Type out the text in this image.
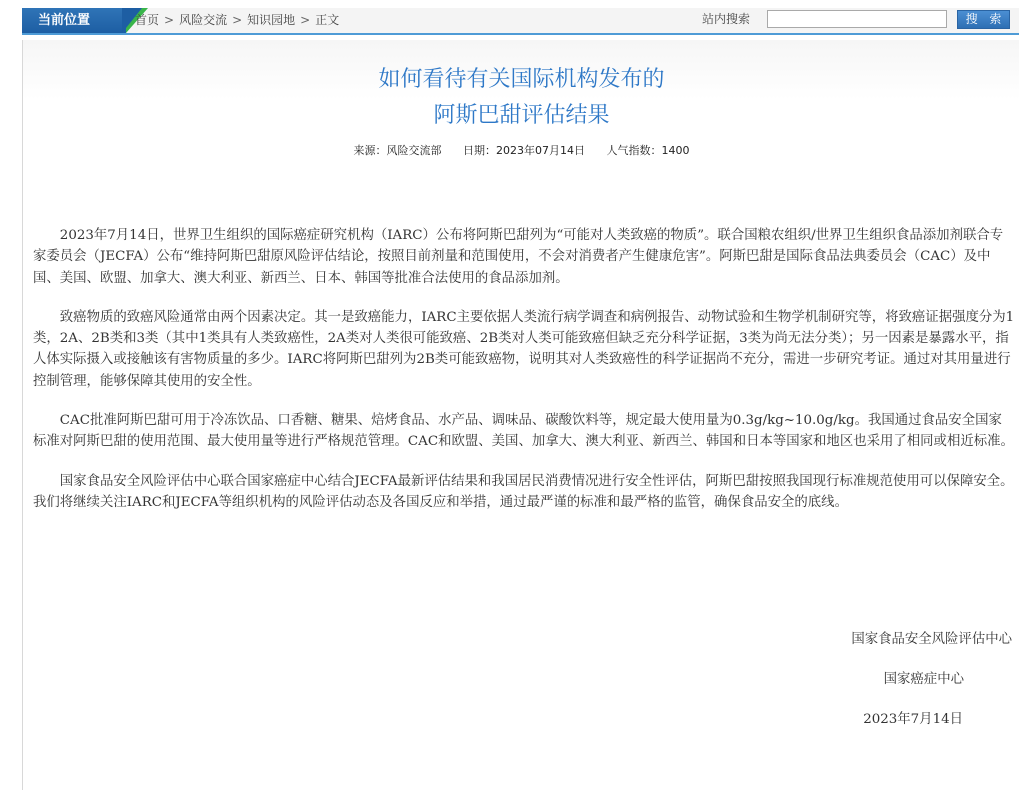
当前位置	首页 > 风险交流 > 知识园地 > 正文	站内搜索	搜 索
如何看待有关国际机构发布的
阿斯巴甜评估结果
来源：风险交流部 日期：2023年07月14日 人气指数：1400

2023年7月14日，世界卫生组织的国际癌症研究机构（IARC）公布将阿斯巴甜列为“可能对人类致癌的物质”。联合国粮农组织/世界卫生组织食品添加剂联合专家委员会（JECFA）公布“维持阿斯巴甜原风险评估结论，按照目前剂量和范围使用，不会对消费者产生健康危害”。阿斯巴甜是国际食品法典委员会（CAC）及中国、美国、欧盟、加拿大、澳大利亚、新西兰、日本、韩国等批准合法使用的食品添加剂。

致癌物质的致癌风险通常由两个因素决定。其一是致癌能力，IARC主要依据人类流行病学调查和病例报告、动物试验和生物学机制研究等，将致癌证据强度分为1类，2A、2B类和3类（其中1类具有人类致癌性，2A类对人类很可能致癌、2B类对人类可能致癌但缺乏充分科学证据，3类为尚无法分类）；另一因素是暴露水平，指人体实际摄入或接触该有害物质量的多少。IARC将阿斯巴甜列为2B类可能致癌物，说明其对人类致癌性的科学证据尚不充分，需进一步研究考证。通过对其用量进行控制管理，能够保障其使用的安全性。

CAC批准阿斯巴甜可用于冷冻饮品、口香糖、糖果、焙烤食品、水产品、调味品、碳酸饮料等，规定最大使用量为0.3g/kg~10.0g/kg。我国通过食品安全国家标准对阿斯巴甜的使用范围、最大使用量等进行严格规范管理。CAC和欧盟、美国、加拿大、澳大利亚、新西兰、韩国和日本等国家和地区也采用了相同或相近标准。

国家食品安全风险评估中心联合国家癌症中心结合JECFA最新评估结果和我国居民消费情况进行安全性评估，阿斯巴甜按照我国现行标准规范使用可以保障安全。我们将继续关注IARC和JECFA等组织机构的风险评估动态及各国反应和举措，通过最严谨的标准和最严格的监管，确保食品安全的底线。

国家食品安全风险评估中心
国家癌症中心
2023年7月14日
